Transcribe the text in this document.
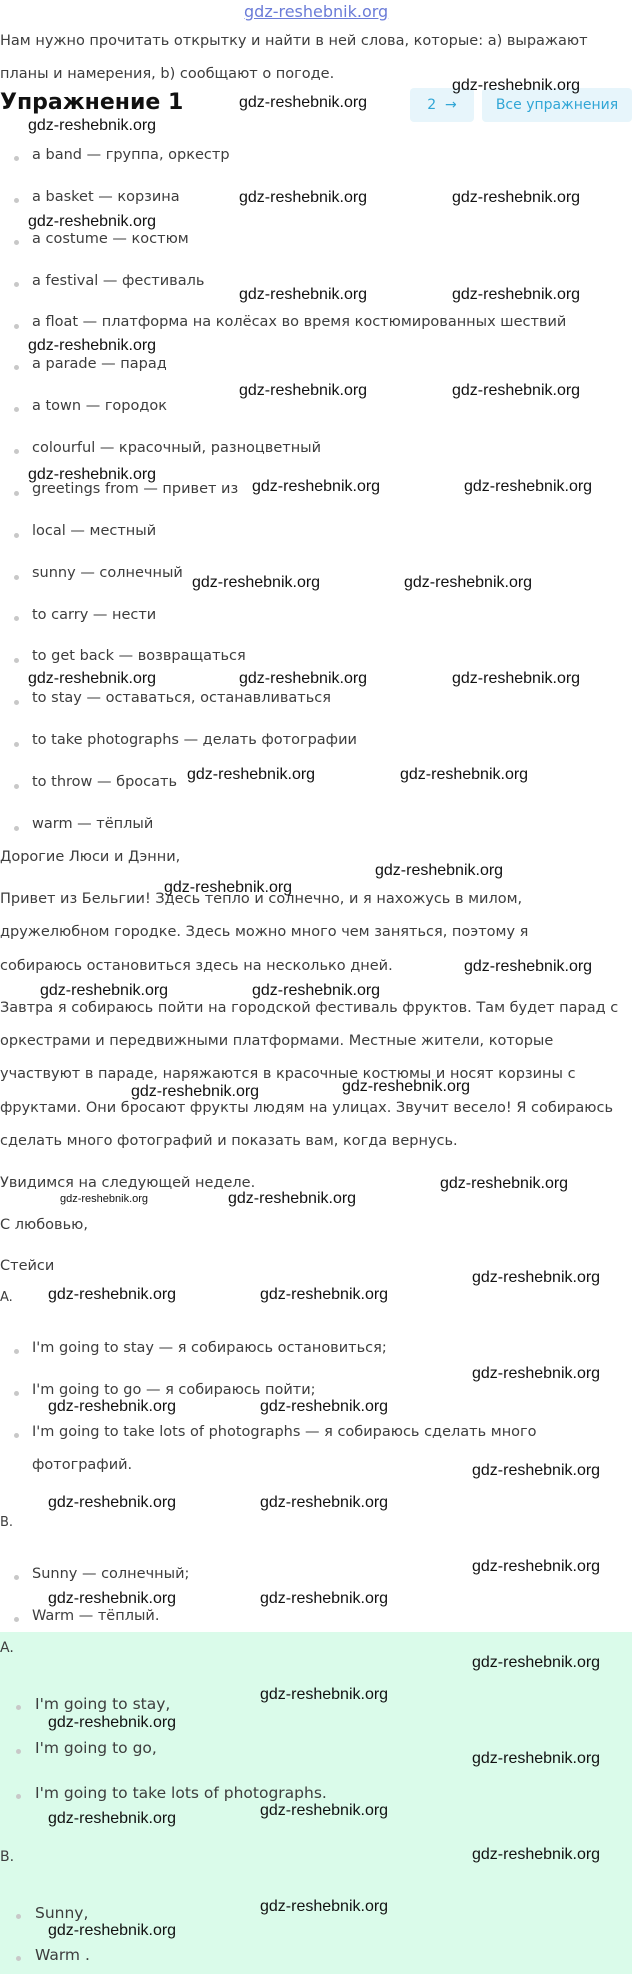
gdz-reshebnik.org
Нам нужно прочитать открытку и найти в ней слова, которые: a) выражают
планы и намерения, b) сообщают о погоде.
Упражнение 1	2  →	Все упражнения
a band — группа, оркестр
a basket — корзина
a costume — костюм
a festival — фестиваль
a float — платформа на колёсах во время костюмированных шествий
a parade — парад
a town — городок
colourful — красочный, разноцветный
greetings from — привет из
local — местный
sunny — солнечный
to carry — нести
to get back — возвращаться
to stay — оставаться, останавливаться
to take photographs — делать фотографии
to throw — бросать
warm — тёплый
Дорогие Люси и Дэнни,
Привет из Бельгии! Здесь тепло и солнечно, и я нахожусь в милом,
дружелюбном городке. Здесь можно много чем заняться, поэтому я
собираюсь остановиться здесь на несколько дней.
Завтра я собираюсь пойти на городской фестиваль фруктов. Там будет парад с
оркестрами и передвижными платформами. Местные жители, которые
участвуют в параде, наряжаются в красочные костюмы и носят корзины с
фруктами. Они бросают фрукты людям на улицах. Звучит весело! Я собираюсь
сделать много фотографий и показать вам, когда вернусь.
Увидимся на следующей неделе.
С любовью,
Стейси
A.
I'm going to stay — я собираюсь остановиться;
I'm going to go — я собираюсь пойти;
I'm going to take lots of photographs — я собираюсь сделать много
фотографий.
B.
Sunny — солнечный;
Warm — тёплый.
A.
I'm going to stay,
I'm going to go,
I'm going to take lots of photographs.
B.
Sunny,
Warm .
gdz-reshebnik.org
gdz-reshebnik.org
gdz-reshebnik.org
gdz-reshebnik.org	gdz-reshebnik.org
gdz-reshebnik.org
gdz-reshebnik.org	gdz-reshebnik.org
gdz-reshebnik.org
gdz-reshebnik.org	gdz-reshebnik.org
gdz-reshebnik.org
gdz-reshebnik.org	gdz-reshebnik.org
gdz-reshebnik.org	gdz-reshebnik.org
gdz-reshebnik.org	gdz-reshebnik.org	gdz-reshebnik.org
gdz-reshebnik.org	gdz-reshebnik.org
gdz-reshebnik.org
gdz-reshebnik.org
gdz-reshebnik.org
gdz-reshebnik.org	gdz-reshebnik.org
gdz-reshebnik.org
gdz-reshebnik.org
gdz-reshebnik.org
gdz-reshebnik.org	gdz-reshebnik.org
gdz-reshebnik.org
gdz-reshebnik.org	gdz-reshebnik.org
gdz-reshebnik.org
gdz-reshebnik.org	gdz-reshebnik.org
gdz-reshebnik.org
gdz-reshebnik.org	gdz-reshebnik.org
gdz-reshebnik.org
gdz-reshebnik.org	gdz-reshebnik.org
gdz-reshebnik.org
gdz-reshebnik.org
gdz-reshebnik.org
gdz-reshebnik.org
gdz-reshebnik.org
gdz-reshebnik.org
gdz-reshebnik.org
gdz-reshebnik.org
gdz-reshebnik.org
